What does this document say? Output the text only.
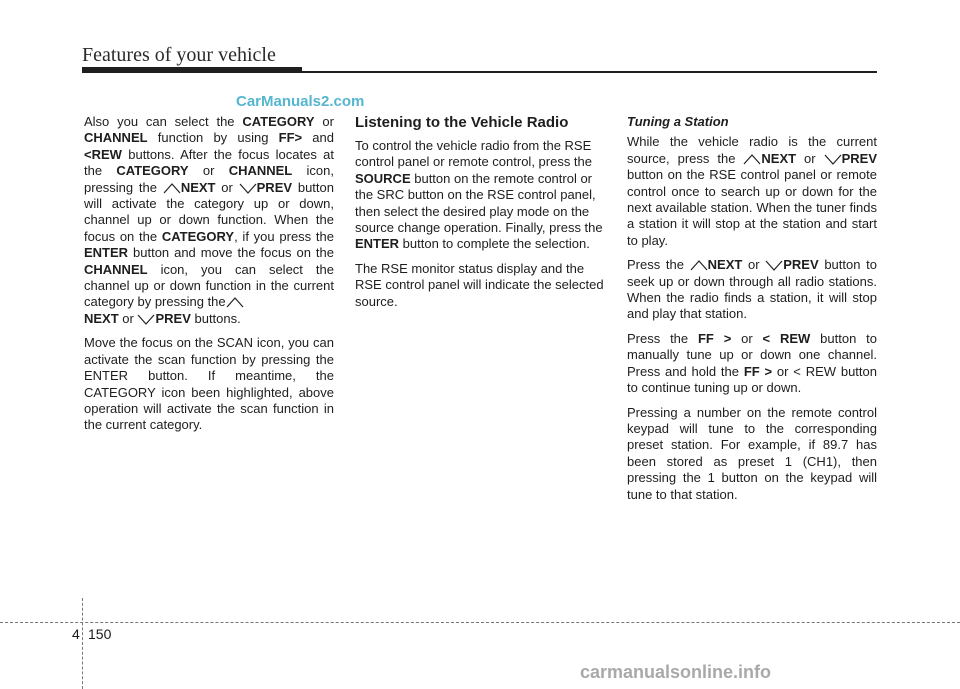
Features of your vehicle
CarManuals2.com

Also you can select the CATEGORY or CHANNEL function by using FF> and <REW buttons. After the focus locates at the CATEGORY or CHANNEL icon, pressing the
NEXT or
PREV button will activate the category up or down, channel up or down function. When the focus on the CATEGORY, if you press the ENTER button and move the focus on the CHANNEL icon, you can select the channel up or down function in the current category by pressing the

NEXT or
PREV buttons.

Move the focus on the SCAN icon, you can activate the scan function by pressing the ENTER button. If meantime, the CATEGORY icon been highlighted, above operation will activate the scan function in the current category.

Listening to the Vehicle Radio

To control the vehicle radio from the RSE control panel or remote control, press the SOURCE button on the remote control or the SRC button on the RSE control panel, then select the desired play mode on the source change operation. Finally, press the ENTER button to complete the selection.

The RSE monitor status display and the RSE control panel will indicate the selected source.

Tuning a Station

While the vehicle radio is the current source, press the
NEXT or
PREV button on the RSE control panel or remote control once to search up or down for the next available station. When the tuner finds a station it will stop at the station and start to play.

Press the
NEXT or
PREV button to seek up or down through all radio stations. When the radio finds a station, it will stop and play that station.

Press the FF > or < REW button to manually tune up or down one channel. Press and hold the FF > or < REW button to continue tuning up or down.

Pressing a number on the remote control keypad will tune to the corresponding preset station. For example, if 89.7 has been stored as preset 1 (CH1), then pressing the 1 button on the keypad will tune to that station.

4 150
carmanualsonline.info
